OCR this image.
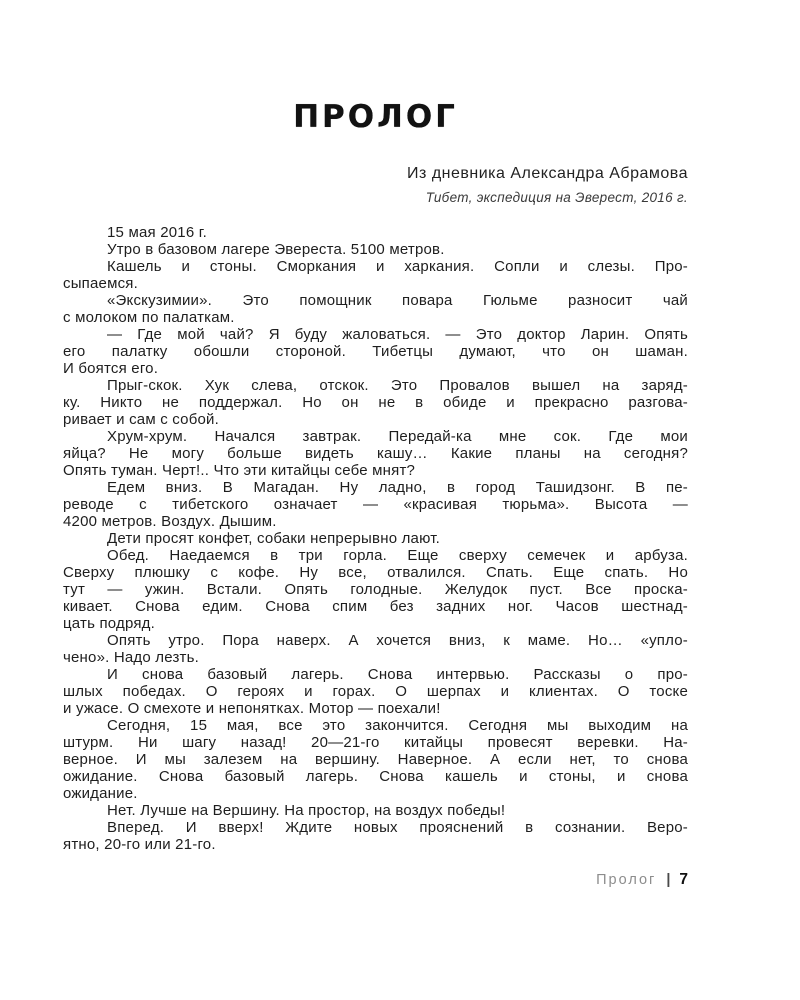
ПРОЛОГ
Из дневника Александра Абрамова
Тибет, экспедиция на Эверест, 2016 г.
15 мая 2016 г.
Утро в базовом лагере Эвереста. 5100 метров.
Кашель и стоны. Сморкания и харкания. Сопли и слезы. Про-
сыпаемся.
«Экскузимии». Это помощник повара Гюльме разносит чай
с молоком по палаткам.
— Где мой чай? Я буду жаловаться. — Это доктор Ларин. Опять
его палатку обошли стороной. Тибетцы думают, что он шаман.
И боятся его.
Прыг-скок. Хук слева, отскок. Это Провалов вышел на заряд-
ку. Никто не поддержал. Но он не в обиде и прекрасно разгова-
ривает и сам с собой.
Хрум-хрум. Начался завтрак. Передай-ка мне сок. Где мои
яйца? Не могу больше видеть кашу… Какие планы на сегодня?
Опять туман. Черт!.. Что эти китайцы себе мнят?
Едем вниз. В Магадан. Ну ладно, в город Ташидзонг. В пе-
реводе с тибетского означает — «красивая тюрьма». Высота —
4200 метров. Воздух. Дышим.
Дети просят конфет, собаки непрерывно лают.
Обед. Наедаемся в три горла. Еще сверху семечек и арбуза.
Сверху плюшку с кофе. Ну все, отвалился. Спать. Еще спать. Но
тут — ужин. Встали. Опять голодные. Желудок пуст. Все проска-
кивает. Снова едим. Снова спим без задних ног. Часов шестнад-
цать подряд.
Опять утро. Пора наверх. А хочется вниз, к маме. Но… «упло-
чено». Надо лезть.
И снова базовый лагерь. Снова интервью. Рассказы о про-
шлых победах. О героях и горах. О шерпах и клиентах. О тоске
и ужасе. О смехоте и непонятках. Мотор — поехали!
Сегодня, 15 мая, все это закончится. Сегодня мы выходим на
штурм. Ни шагу назад! 20—21-го китайцы провесят веревки. На-
верное. И мы залезем на вершину. Наверное. А если нет, то снова
ожидание. Снова базовый лагерь. Снова кашель и стоны, и снова
ожидание.
Нет. Лучше на Вершину. На простор, на воздух победы!
Вперед. И вверх! Ждите новых прояснений в сознании. Веро-
ятно, 20-го или 21-го.
Пролог | 7
